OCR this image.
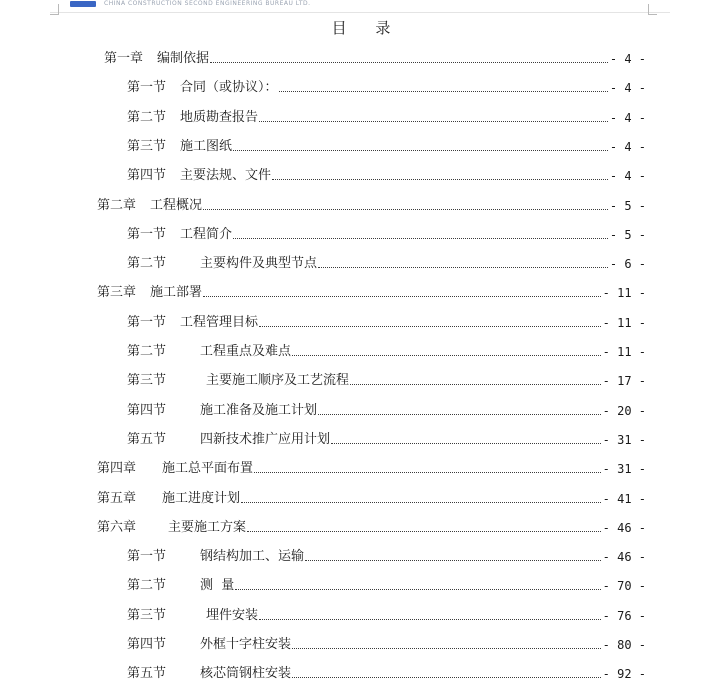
CHINA CONSTRUCTION SECOND ENGINEERING BUREAU LTD.
目 录
第一章 编制依据	- 4 -
第一节 合同（或协议）：	- 4 -
第二节 地质勘查报告	- 4 -
第三节 施工图纸	- 4 -
第四节 主要法规、文件	- 4 -
第二章 工程概况	- 5 -
第一节 工程简介	- 5 -
第二节	主要构件及典型节点	- 6 -
第三章 施工部署	- 11 -
第一节 工程管理目标	- 11 -
第二节	工程重点及难点	- 11 -
第三节	主要施工顺序及工艺流程	- 17 -
第四节	施工准备及施工计划	- 20 -
第五节	四新技术推广应用计划	- 31 -
第四章 施工总平面布置	- 31 -
第五章 施工进度计划	- 41 -
第六章 主要施工方案	- 46 -
第一节	钢结构加工、运输	- 46 -
第二节	测  量	- 70 -
第三节	埋件安装	- 76 -
第四节	外框十字柱安装	- 80 -
第五节	核芯筒钢柱安装	- 92 -
